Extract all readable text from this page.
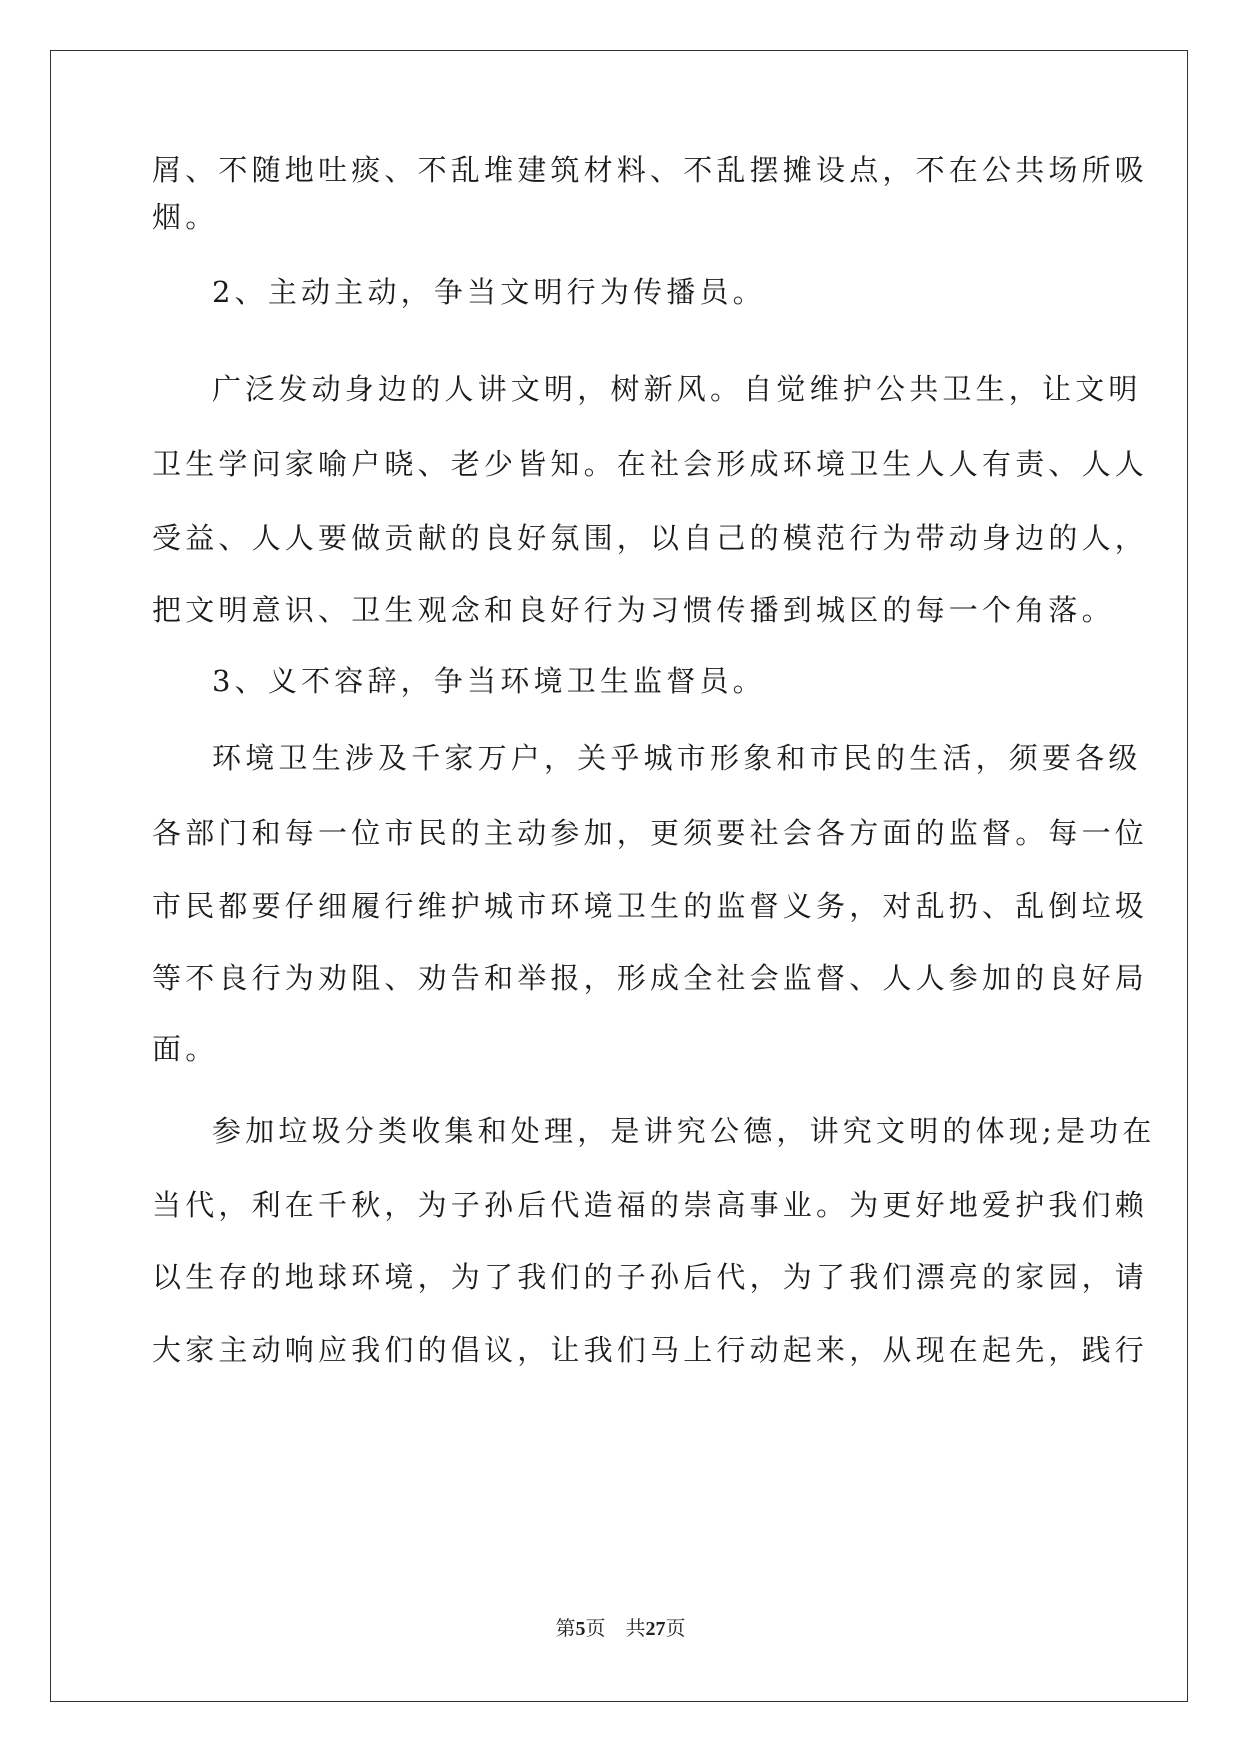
屑、不随地吐痰、不乱堆建筑材料、不乱摆摊设点，不在公共场所吸
烟。
2、主动主动，争当文明行为传播员。
广泛发动身边的人讲文明，树新风。自觉维护公共卫生，让文明
卫生学问家喻户晓、老少皆知。在社会形成环境卫生人人有责、人人
受益、人人要做贡献的良好氛围，以自己的模范行为带动身边的人，
把文明意识、卫生观念和良好行为习惯传播到城区的每一个角落。
3、义不容辞，争当环境卫生监督员。
环境卫生涉及千家万户，关乎城市形象和市民的生活，须要各级
各部门和每一位市民的主动参加，更须要社会各方面的监督。每一位
市民都要仔细履行维护城市环境卫生的监督义务，对乱扔、乱倒垃圾
等不良行为劝阻、劝告和举报，形成全社会监督、人人参加的良好局
面。
参加垃圾分类收集和处理，是讲究公德，讲究文明的体现;是功在
当代，利在千秋，为子孙后代造福的崇高事业。为更好地爱护我们赖
以生存的地球环境，为了我们的子孙后代，为了我们漂亮的家园，请
大家主动响应我们的倡议，让我们马上行动起来，从现在起先，践行
第5页 共27页
